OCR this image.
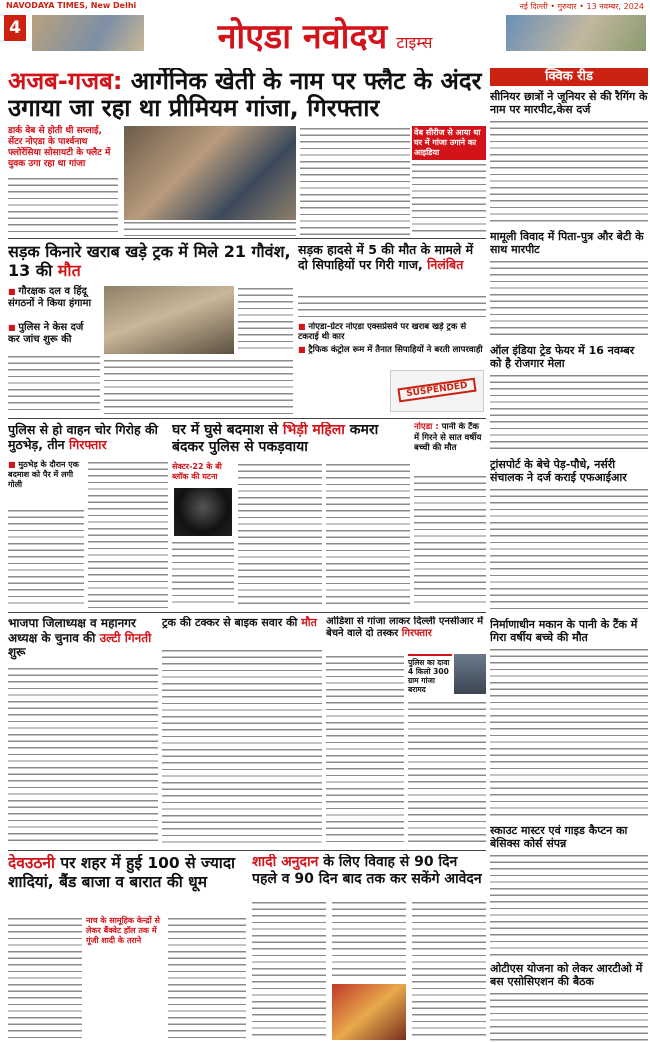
NAVODAYA TIMES, New Delhi	नई दिल्ली • गुरुवार • 13 नवम्बर, 2024
4	नोएडा नवोदय टाइम्स
अजब-गजब: आर्गेनिक खेती के नाम पर फ्लैट के अंदर उगाया जा रहा था प्रीमियम गांजा, गिरफ्तार
डार्क वेब से होती थी सप्लाई, सेंटर नोएडा के पार्श्वनाथ फ्लोरेंसिया सोसायटी के फ्लैट में युवक उगा रहा था गांजा
वेब सीरीज से आया था घर में गांजा उगाने का आइडिया
सड़क किनारे खराब खड़े ट्रक में मिले 21 गौवंश, 13 की मौत
■ गौरक्षक दल व हिंदू संगठनों ने किया हंगामा
■ पुलिस ने केस दर्ज कर जांच शुरू की
सड़क हादसे में 5 की मौत के मामले में दो सिपाहियों पर गिरी गाज, निलंबित
■ नोएडा-ग्रेटर नोएडा एक्सप्रेसवे पर खराब खड़े ट्रक से टकराई थी कार
■ ट्रैफिक कंट्रोल रूम में तैनात सिपाहियों ने बरती लापरवाही
SUSPENDED
पुलिस से हो वाहन चोर गिरोह की मुठभेड़, तीन गिरफ्तार
■ मुठभेड़ के दौरान एक बदमाश को पैर में लगी गोली
घर में घुसे बदमाश से भिड़ी महिला कमरा बंदकर पुलिस से पकड़वाया
सेक्टर-22 के बी ब्लॉक की घटना
नोएडा : पानी के टैंक में गिरने से सात वर्षीय बच्ची की मौत
भाजपा जिलाध्यक्ष व महानगर अध्यक्ष के चुनाव की उल्टी गिनती शुरू
ट्रक की टक्कर से बाइक सवार की मौत ओडिशा से गांजा लाकर दिल्ली एनसीआर में बेचने वाले दो तस्कर गिरफ्तार
पुलिस का दावा 4 किलो 300 ग्राम गांजा बरामद
देवउठनी पर शहर में हुई 100 से ज्यादा शादियां, बैंड बाजा व बारात की धूम
नाच के सामूहिक केन्द्रों से लेकर बैंक्वेट हॉल तक में गूंजी शादी के तराने
शादी अनुदान के लिए विवाह से 90 दिन पहले व 90 दिन बाद तक कर सकेंगे आवेदन
क्विक रीड
सीनियर छात्रों ने जूनियर से की रैगिंग के नाम पर मारपीट,केस दर्ज
मामूली विवाद में पिता-पुत्र और बेटी के साथ मारपीट
ऑल इंडिया ट्रेड फेयर में 16 नवम्बर को है रोजगार मेला
ट्रांसपोर्ट के बेचे पेड़-पौधे, नर्सरी संचालक ने दर्ज कराई एफआईआर
निर्माणाधीन मकान के पानी के टैंक में गिरा वर्षीय बच्चे की मौत
स्काउट मास्टर एवं गाइड कैप्टन का बेसिक्स कोर्स संपन्न
ओटीएस योजना को लेकर आरटीओ में बस एसोसिएशन की बैठक
